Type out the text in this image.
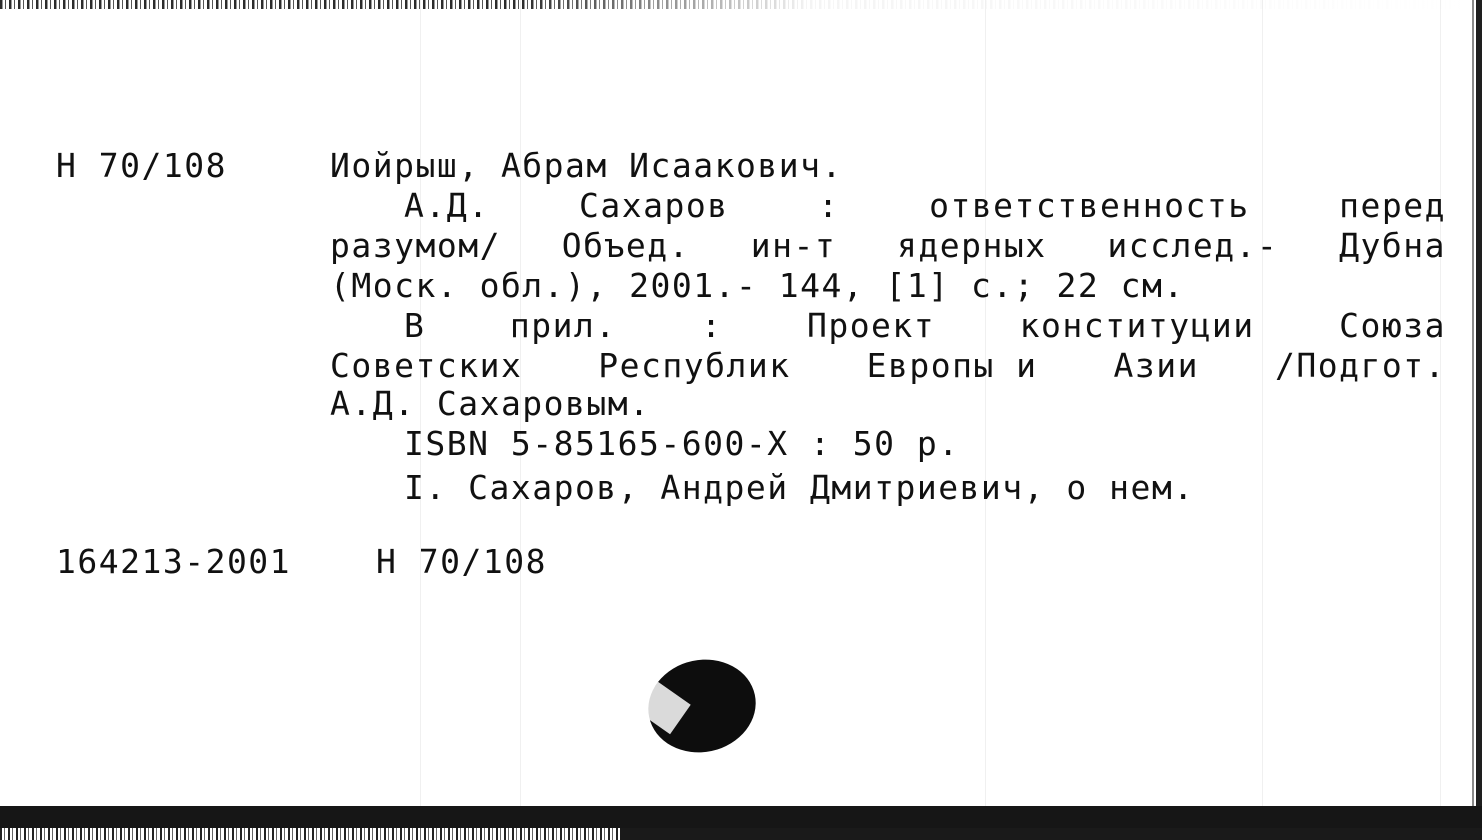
Н 70/108	Иойрыш, Абрам Исаакович.
А.Д.	Сахаров	:	ответственность	перед
разумом/ Объед. ин-т ядерных исслед.- Дубна
(Моск. обл.), 2001.- 144, [1] с.; 22 см.
В	прил.	:	Проект	конституции	Союза
Советских Республик Европы и Азии /Подгот.
А.Д. Сахаровым.
ISBN 5-85165-600-X : 50 р.
I. Сахаров, Андрей Дмитриевич, о нем.
164213-2001	Н 70/108
